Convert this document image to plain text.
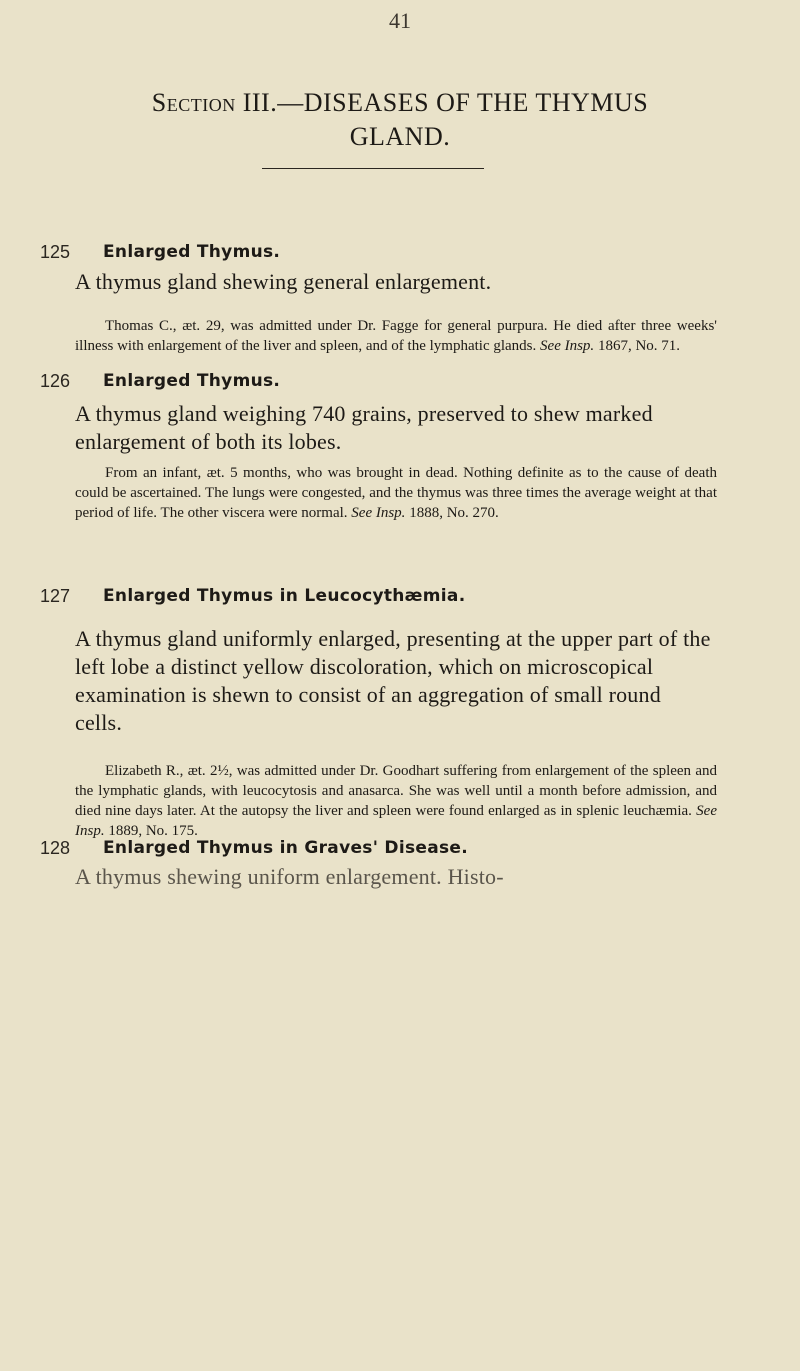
41
Section III.—DISEASES OF THE THYMUS
GLAND.
125 Enlarged Thymus.
A thymus gland shewing general enlargement.
Thomas C., æt. 29, was admitted under Dr. Fagge for general purpura. He died after three weeks' illness with enlargement of the liver and spleen, and of the lymphatic glands. See Insp. 1867, No. 71.
126 Enlarged Thymus.
A thymus gland weighing 740 grains, preserved to shew marked enlargement of both its lobes.
From an infant, æt. 5 months, who was brought in dead. Nothing definite as to the cause of death could be ascertained. The lungs were congested, and the thymus was three times the average weight at that period of life. The other viscera were normal. See Insp. 1888, No. 270.
127 Enlarged Thymus in Leucocythæmia.
A thymus gland uniformly enlarged, presenting at the upper part of the left lobe a distinct yellow discoloration, which on microscopical examination is shewn to consist of an aggregation of small round cells.
Elizabeth R., æt. 2½, was admitted under Dr. Goodhart suffering from enlargement of the spleen and the lymphatic glands, with leucocytosis and anasarca. She was well until a month before admission, and died nine days later. At the autopsy the liver and spleen were found enlarged as in splenic leuchæmia. See Insp. 1889, No. 175.
128 Enlarged Thymus in Graves' Disease.
A thymus shewing uniform enlargement. Histo-
